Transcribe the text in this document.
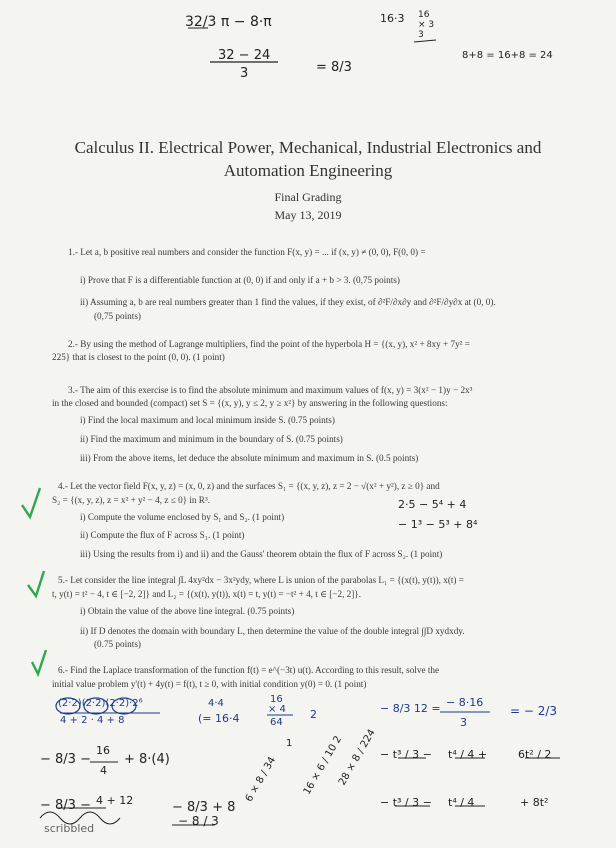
32/3 π − 8·π	16·3 16
× 3
3
8+8 = 16+8 = 24
32 − 24
3	= 8/3
Calculus II. Electrical Power, Mechanical, Industrial Electronics and
Automation Engineering
Final Grading
May 13, 2019
1.- Let a, b positive real numbers and consider the function F(x, y) = ... if (x, y) ≠ (0, 0), F(0, 0) =
i) Prove that F is a differentiable function at (0, 0) if and only if a + b > 3. (0,75 points)
ii) Assuming a, b are real numbers greater than 1 find the values, if they exist, of ∂²F/∂x∂y and ∂²F/∂y∂x at (0, 0).
(0,75 points)
2.- By using the method of Lagrange multipliers, find the point of the hyperbola H = {(x, y), x² + 8xy + 7y² =
225} that is closest to the point (0, 0). (1 point)
3.- The aim of this exercise is to find the absolute minimum and maximum values of f(x, y) = 3(x² − 1)y − 2x³
in the closed and bounded (compact) set S = {(x, y), y ≤ 2, y ≥ x²} by answering in the following questions:
i) Find the local maximum and local minimum inside S. (0.75 points)
ii) Find the maximum and minimum in the boundary of S. (0.75 points)
iii) From the above items, let deduce the absolute minimum and maximum in S. (0.5 points)
4.- Let the vector field F(x, y, z) = (x, 0, z) and the surfaces S₁ = {(x, y, z), z = 2 − √(x² + y²), z ≥ 0} and
S₂ = {(x, y, z), z = x² + y² − 4, z ≤ 0} in R³.
i) Compute the volume enclosed by S₁ and S₂. (1 point)
ii) Compute the flux of F across S₁. (1 point)
iii) Using the results from i) and ii) and the Gauss' theorem obtain the flux of F across S₂. (1 point)
2·5 − 5⁴ + 4
− 1³ − 5³ + 8⁴
5.- Let consider the line integral ∫L 4xy²dx − 3x²ydy, where L is union of the parabolas L₁ = {(x(t), y(t)), x(t) =
t, y(t) = t² − 4, t ∈ [−2, 2]} and L₂ = {(x(t), y(t)), x(t) = t, y(t) = −t² + 4, t ∈ [−2, 2]}.
i) Obtain the value of the above line integral. (0.75 points)
ii) If D denotes the domain with boundary L, then determine the value of the double integral ∫∫D xydxdy.
(0.75 points)
6.- Find the Laplace transformation of the function f(t) = e^(−3t) u(t). According to this result, solve the
initial value problem y'(t) + 4y(t) = f(t), t ≥ 0, with initial condition y(0) = 0. (1 point)
(2·2)(2·2)(2·2)·2⁶
4 + 2 · 4 + 8
4·4
(= 16·4
16
× 4
64
2	− 8/3 12 = − 8·16
3
= − 2/3
1
− 8/3 −
16
4
+ 8·(4)	16 × 6 / 10 2
28 × 8 / 224 − t³ / 3 − t⁴ / 4 +	6t² / 2
− 8/3 − 4 + 12	− 8/3 + 8
6 × 8 / 34	− t³ / 3 − t⁴ / 4	+ 8t²
scribbled
− 8 / 3
